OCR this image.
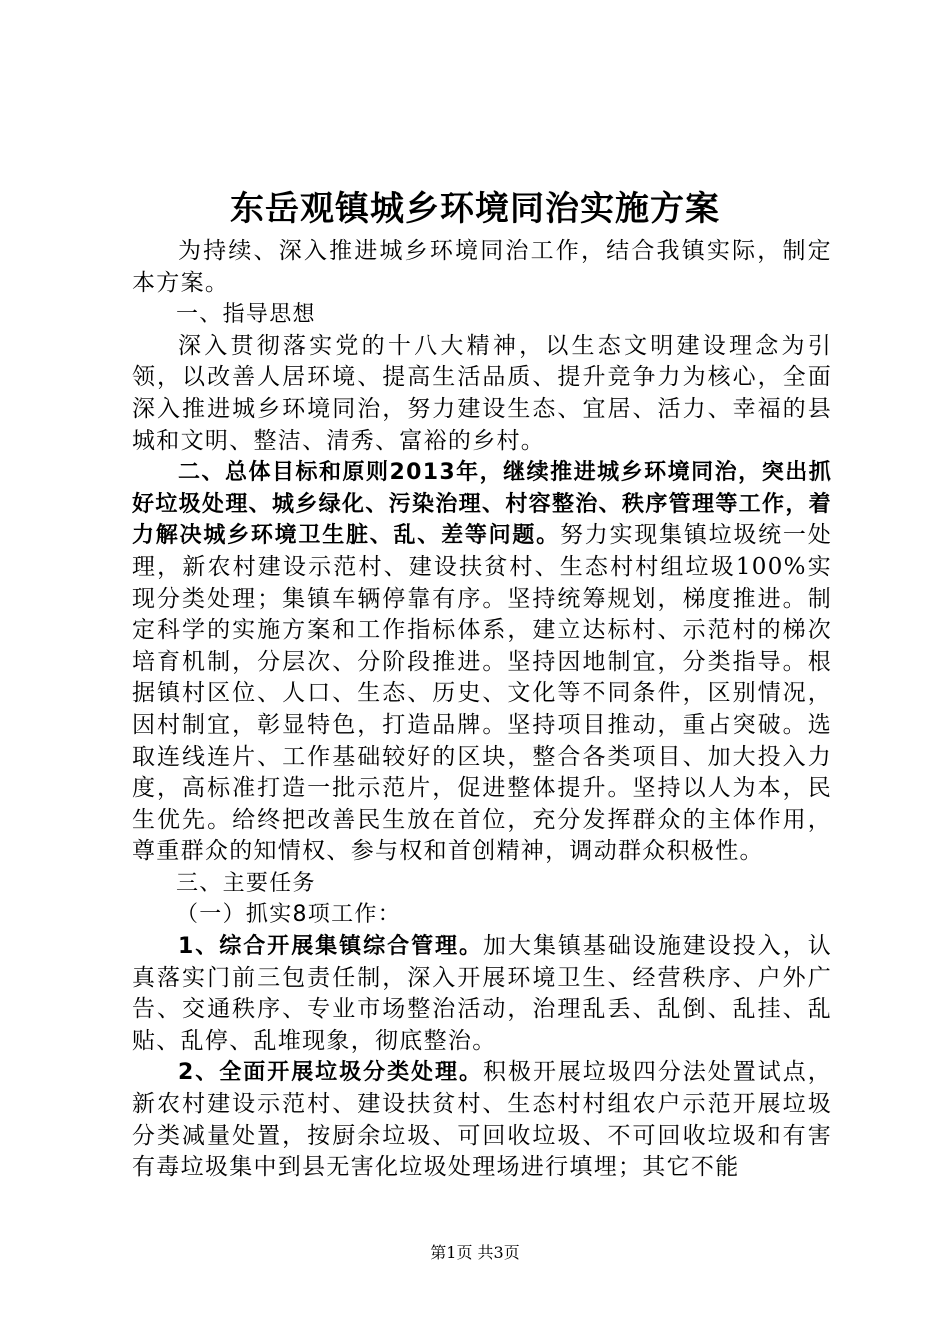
东岳观镇城乡环境同治实施方案

为持续、深入推进城乡环境同治工作，结合我镇实际，制定本方案。

一、指导思想

深入贯彻落实党的十八大精神，以生态文明建设理念为引领，以改善人居环境、提高生活品质、提升竞争力为核心，全面深入推进城乡环境同治，努力建设生态、宜居、活力、幸福的县城和文明、整洁、清秀、富裕的乡村。

二、总体目标和原则2013年，继续推进城乡环境同治，突出抓好垃圾处理、城乡绿化、污染治理、村容整治、秩序管理等工作，着力解决城乡环境卫生脏、乱、差等问题。努力实现集镇垃圾统一处理，新农村建设示范村、建设扶贫村、生态村村组垃圾100%实现分类处理；集镇车辆停靠有序。坚持统筹规划，梯度推进。制定科学的实施方案和工作指标体系，建立达标村、示范村的梯次培育机制，分层次、分阶段推进。坚持因地制宜，分类指导。根据镇村区位、人口、生态、历史、文化等不同条件，区别情况，因村制宜，彰显特色，打造品牌。坚持项目推动，重占突破。选取连线连片、工作基础较好的区块，整合各类项目、加大投入力度，高标准打造一批示范片，促进整体提升。坚持以人为本，民生优先。给终把改善民生放在首位，充分发挥群众的主体作用，尊重群众的知情权、参与权和首创精神，调动群众积极性。

三、主要任务

（一）抓实8项工作：

1、综合开展集镇综合管理。加大集镇基础设施建设投入，认真落实门前三包责任制，深入开展环境卫生、经营秩序、户外广告、交通秩序、专业市场整治活动，治理乱丢、乱倒、乱挂、乱贴、乱停、乱堆现象，彻底整治。

2、全面开展垃圾分类处理。积极开展垃圾四分法处置试点，新农村建设示范村、建设扶贫村、生态村村组农户示范开展垃圾分类减量处置，按厨余垃圾、可回收垃圾、不可回收垃圾和有害有毒垃圾集中到县无害化垃圾处理场进行填埋；其它不能

第1页 共3页
